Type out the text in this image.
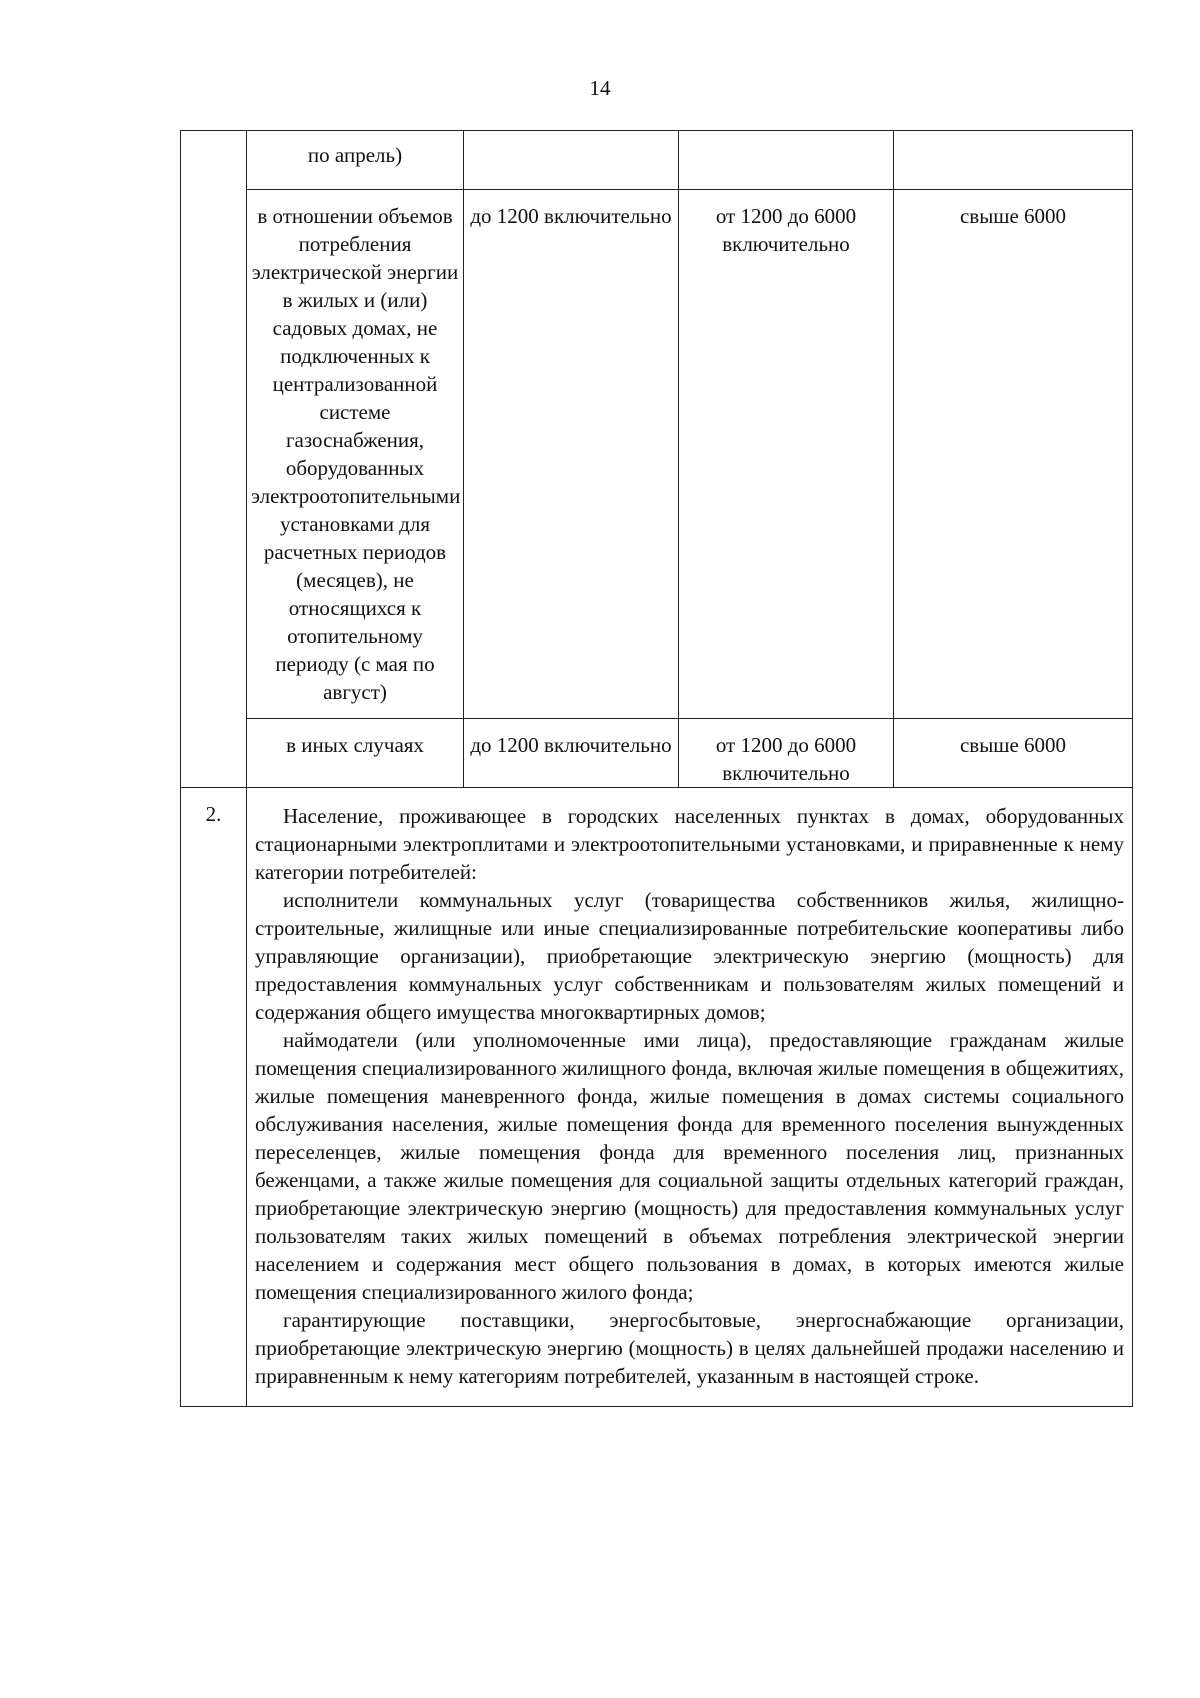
14

	по апрель)			

	в отношении объемов потребления электрической энергии в жилых и (или) садовых домах, не подключенных к централизованной системе газоснабжения, оборудованных электроотопительными установками для расчетных периодов (месяцев), не относящихся к отопительному периоду (с мая по август)	до 1200 включительно	от 1200 до 6000 включительно	свыше 6000

	в иных случаях	до 1200 включительно	от 1200 до 6000 включительно	свыше 6000

2.	Население, проживающее в городских населенных пунктах в домах, оборудованных стационарными электроплитами и электроотопительными установками, и приравненные к нему категории потребителей:

исполнители коммунальных услуг (товарищества собственников жилья, жилищно-строительные, жилищные или иные специализированные потребительские кооперативы либо управляющие организации), приобретающие электрическую энергию (мощность) для предоставления коммунальных услуг собственникам и пользователям жилых помещений и содержания общего имущества многоквартирных домов;

наймодатели (или уполномоченные ими лица), предоставляющие гражданам жилые помещения специализированного жилищного фонда, включая жилые помещения в общежитиях, жилые помещения маневренного фонда, жилые помещения в домах системы социального обслуживания населения, жилые помещения фонда для временного поселения вынужденных переселенцев, жилые помещения фонда для временного поселения лиц, признанных беженцами, а также жилые помещения для социальной защиты отдельных категорий граждан, приобретающие электрическую энергию (мощность) для предоставления коммунальных услуг пользователям таких жилых помещений в объемах потребления электрической энергии населением и содержания мест общего пользования в домах, в которых имеются жилые помещения специализированного жилого фонда;

гарантирующие поставщики, энергосбытовые, энергоснабжающие организации, приобретающие электрическую энергию (мощность) в целях дальнейшей продажи населению и приравненным к нему категориям потребителей, указанным в настоящей строке.			
